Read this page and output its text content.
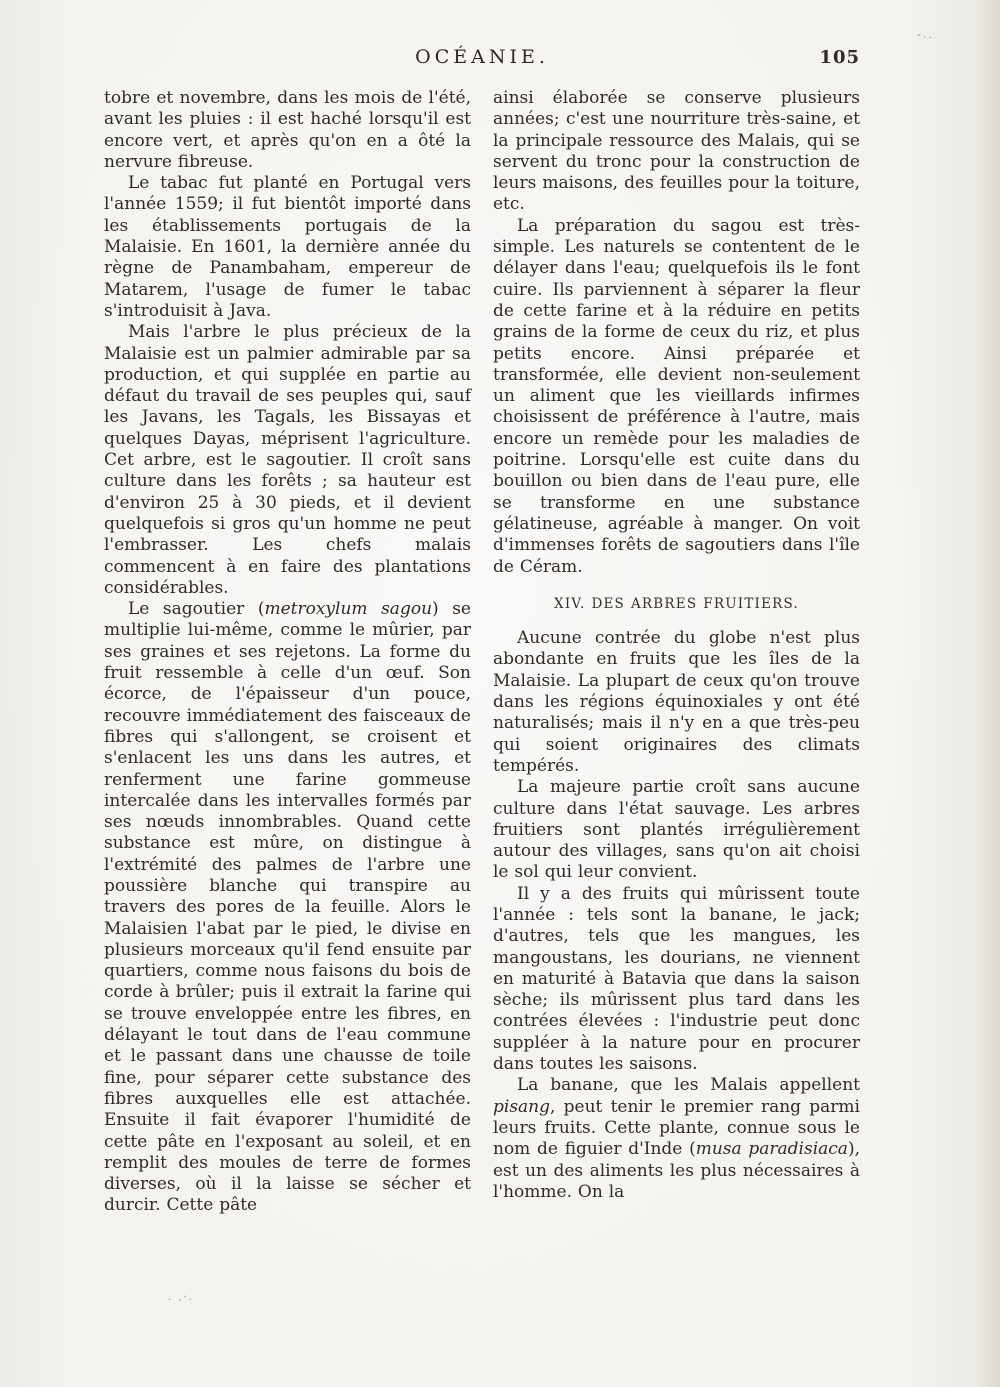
OCÉANIE.	105

tobre et novembre, dans les mois de l'été, avant les pluies : il est haché lorsqu'il est encore vert, et après qu'on en a ôté la nervure fibreuse.

Le tabac fut planté en Portugal vers l'année 1559; il fut bientôt importé dans les établissements portugais de la Malaisie. En 1601, la dernière année du règne de Panambaham, empereur de Matarem, l'usage de fumer le tabac s'introduisit à Java.

Mais l'arbre le plus précieux de la Malaisie est un palmier admirable par sa production, et qui supplée en partie au défaut du travail de ses peuples qui, sauf les Javans, les Tagals, les Bissayas et quelques Dayas, méprisent l'agriculture. Cet arbre, est le sagoutier. Il croît sans culture dans les forêts ; sa hauteur est d'environ 25 à 30 pieds, et il devient quelquefois si gros qu'un homme ne peut l'embrasser. Les chefs malais commencent à en faire des plantations considérables.

Le sagoutier (metroxylum sagou) se multiplie lui-même, comme le mûrier, par ses graines et ses rejetons. La forme du fruit ressemble à celle d'un œuf. Son écorce, de l'épaisseur d'un pouce, recouvre immédiatement des faisceaux de fibres qui s'allongent, se croisent et s'enlacent les uns dans les autres, et renferment une farine gommeuse intercalée dans les intervalles formés par ses nœuds innombrables. Quand cette substance est mûre, on distingue à l'extrémité des palmes de l'arbre une poussière blanche qui transpire au travers des pores de la feuille. Alors le Malaisien l'abat par le pied, le divise en plusieurs morceaux qu'il fend ensuite par quartiers, comme nous faisons du bois de corde à brûler; puis il extrait la farine qui se trouve enveloppée entre les fibres, en délayant le tout dans de l'eau commune et le passant dans une chausse de toile fine, pour séparer cette substance des fibres auxquelles elle est attachée. Ensuite il fait évaporer l'humidité de cette pâte en l'exposant au soleil, et en remplit des moules de terre de formes diverses, où il la laisse se sécher et durcir. Cette pâte

ainsi élaborée se conserve plusieurs années; c'est une nourriture très-saine, et la principale ressource des Malais, qui se servent du tronc pour la construction de leurs maisons, des feuilles pour la toiture, etc.

La préparation du sagou est très-simple. Les naturels se contentent de le délayer dans l'eau; quelquefois ils le font cuire. Ils parviennent à séparer la fleur de cette farine et à la réduire en petits grains de la forme de ceux du riz, et plus petits encore. Ainsi préparée et transformée, elle devient non-seulement un aliment que les vieillards infirmes choisissent de préférence à l'autre, mais encore un remède pour les maladies de poitrine. Lorsqu'elle est cuite dans du bouillon ou bien dans de l'eau pure, elle se transforme en une substance gélatineuse, agréable à manger. On voit d'immenses forêts de sagoutiers dans l'île de Céram.

XIV. DES ARBRES FRUITIERS.

Aucune contrée du globe n'est plus abondante en fruits que les îles de la Malaisie. La plupart de ceux qu'on trouve dans les régions équinoxiales y ont été naturalisés; mais il n'y en a que très-peu qui soient originaires des climats tempérés.

La majeure partie croît sans aucune culture dans l'état sauvage. Les arbres fruitiers sont plantés irrégulièrement autour des villages, sans qu'on ait choisi le sol qui leur convient.

Il y a des fruits qui mûrissent toute l'année : tels sont la banane, le jack; d'autres, tels que les mangues, les mangoustans, les dourians, ne viennent en maturité à Batavia que dans la saison sèche; ils mûrissent plus tard dans les contrées élevées : l'industrie peut donc suppléer à la nature pour en procurer dans toutes les saisons.

La banane, que les Malais appellent pisang, peut tenir le premier rang parmi leurs fruits. Cette plante, connue sous le nom de figuier d'Inde (musa paradisiaca), est un des aliments les plus nécessaires à l'homme. On la

-..
. ,·.
